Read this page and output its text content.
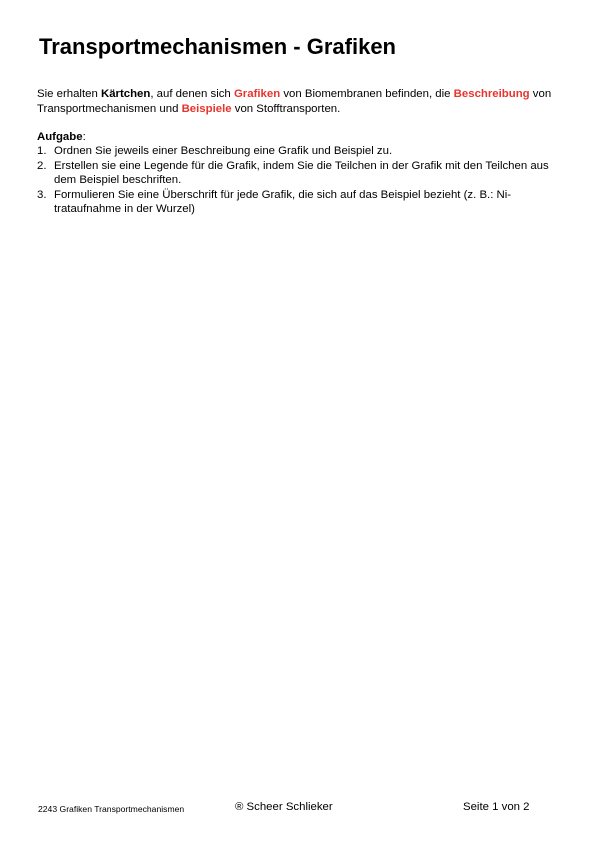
Transportmechanismen - Grafiken

Sie erhalten Kärtchen, auf denen sich Grafiken von Biomembranen befinden, die Beschreibung von Transportmechanismen und Beispiele von Stofftransporten.

Aufgabe:
1. Ordnen Sie jeweils einer Beschreibung eine Grafik und Beispiel zu.
2. Erstellen sie eine Legende für die Grafik, indem Sie die Teilchen in der Grafik mit den Teilchen aus dem Beispiel beschriften.
3. Formulieren Sie eine Überschrift für jede Grafik, die sich auf das Beispiel bezieht (z. B.: Ni-trataufnahme in der Wurzel)
2243 Grafiken Transportmechanismen	® Scheer Schlieker	Seite 1 von 2
